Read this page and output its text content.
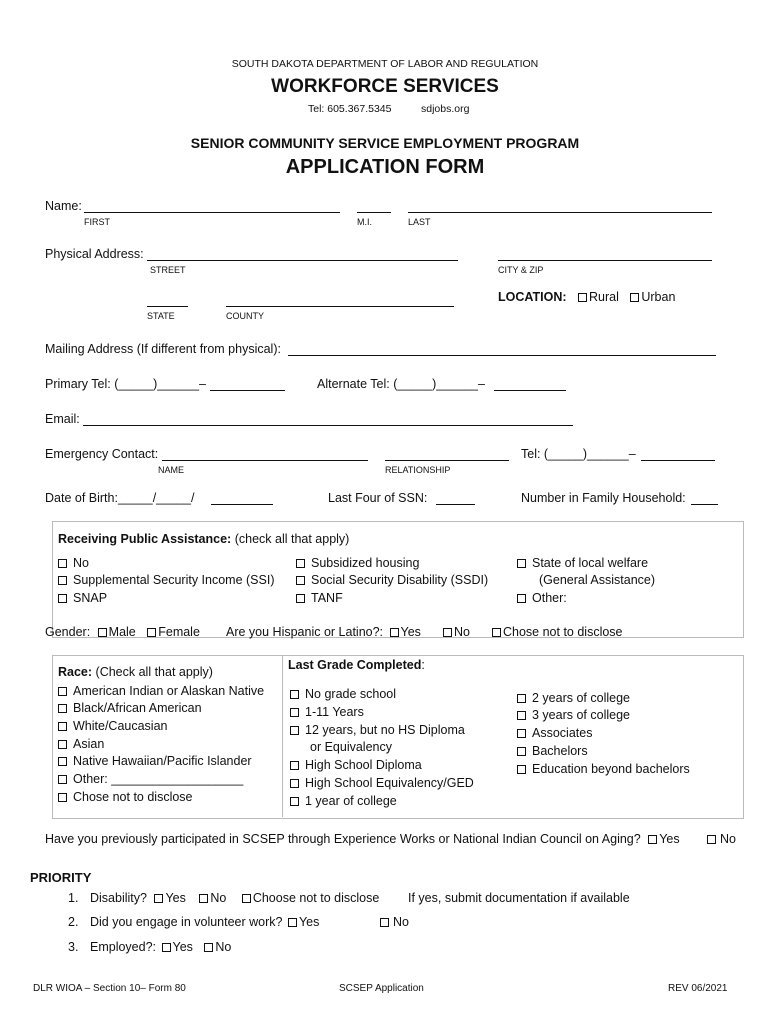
SOUTH DAKOTA DEPARTMENT OF LABOR AND REGULATION
WORKFORCE SERVICES
Tel: 605.367.5345	sdjobs.org
SENIOR COMMUNITY SERVICE EMPLOYMENT PROGRAM
APPLICATION FORM
Name:
FIRST	M.I.	LAST
Physical Address:
STREET	CITY & ZIP
STATE	COUNTY
LOCATION: Rural Urban
Mailing Address (If different from physical):
Primary Tel: (_____)______–	Alternate Tel: (_____)______–
Email:
Emergency Contact:	Tel: (_____)______–
NAME	RELATIONSHIP
Date of Birth:_____/_____/	Last Four of SSN:	Number in Family Household:
Receiving Public Assistance: (check all that apply)
No
Supplemental Security Income (SSI)
SNAP
Subsidized housing
Social Security Disability (SSDI)
TANF
State of local welfare
(General Assistance)
Other:
Gender: Male Female Are you Hispanic or Latino?: Yes	No	Chose not to disclose
Race: (Check all that apply)
American Indian or Alaskan Native
Black/African American
White/Caucasian
Asian
Native Hawaiian/Pacific Islander
Other: ___________________
Chose not to disclose
Last Grade Completed:
No grade school
1-11 Years
12 years, but no HS Diploma
or Equivalency
High School Diploma
High School Equivalency/GED
1 year of college
2 years of college
3 years of college
Associates
Bachelors
Education beyond bachelors
Have you previously participated in SCSEP through Experience Works or National Indian Council on Aging? Yes	No
PRIORITY
1. Disability? Yes No Choose not to disclose If yes, submit documentation if available
2. Did you engage in volunteer work? Yes	No
3. Employed?: Yes No
DLR WIOA – Section 10– Form 80	SCSEP Application	REV 06/2021
